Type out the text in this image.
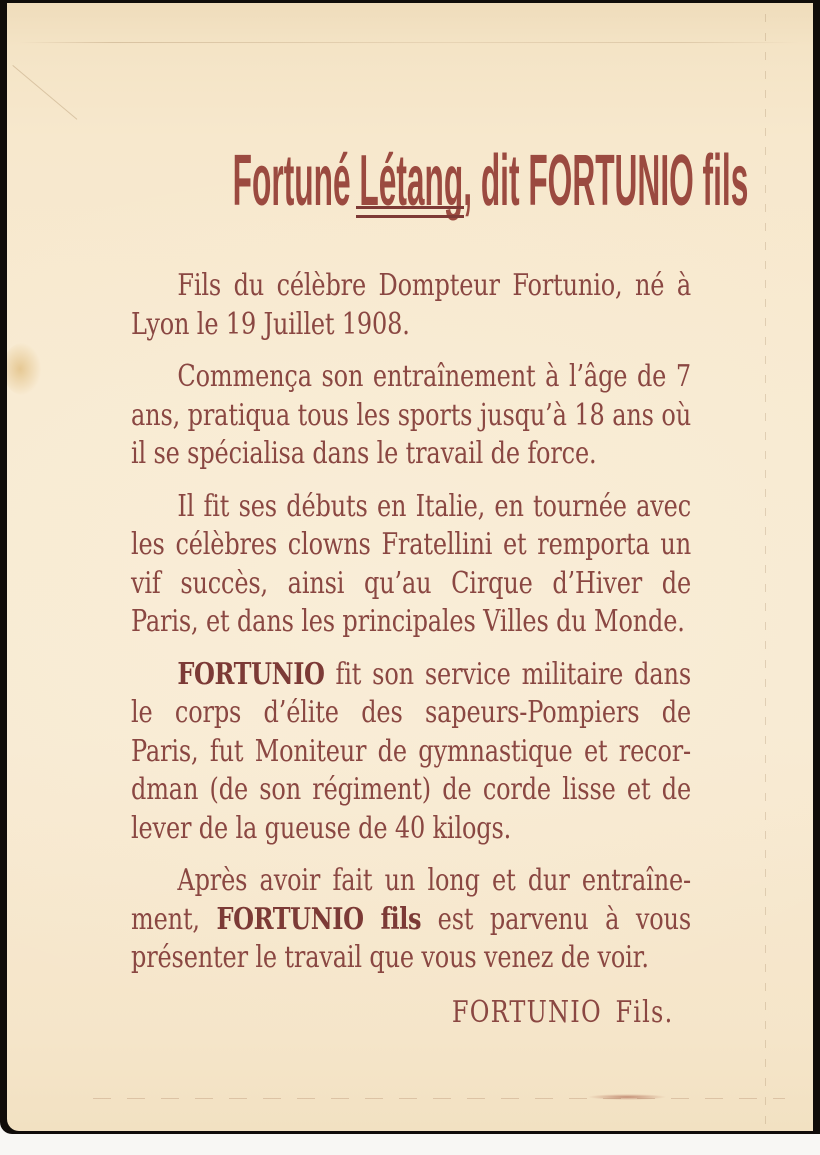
Fortuné Létang, dit FORTUNIO fils
Fils du célèbre Dompteur Fortunio, né à
Lyon le 19 Juillet 1908.
Commença son entraînement à l’âge de 7
ans, pratiqua tous les sports jusqu’à 18 ans où
il se spécialisa dans le travail de force.
Il fit ses débuts en Italie, en tournée avec
les célèbres clowns Fratellini et remporta un
vif succès, ainsi qu’au Cirque d’Hiver de
Paris, et dans les principales Villes du Monde.
FORTUNIO fit son service militaire dans
le corps d’élite des sapeurs-Pompiers de
Paris, fut Moniteur de gymnastique et recor-
dman (de son régiment) de corde lisse et de
lever de la gueuse de 40 kilogs.
Après avoir fait un long et dur entraîne-
ment, FORTUNIO fils est parvenu à vous
présenter le travail que vous venez de voir.
FORTUNIO Fils.
